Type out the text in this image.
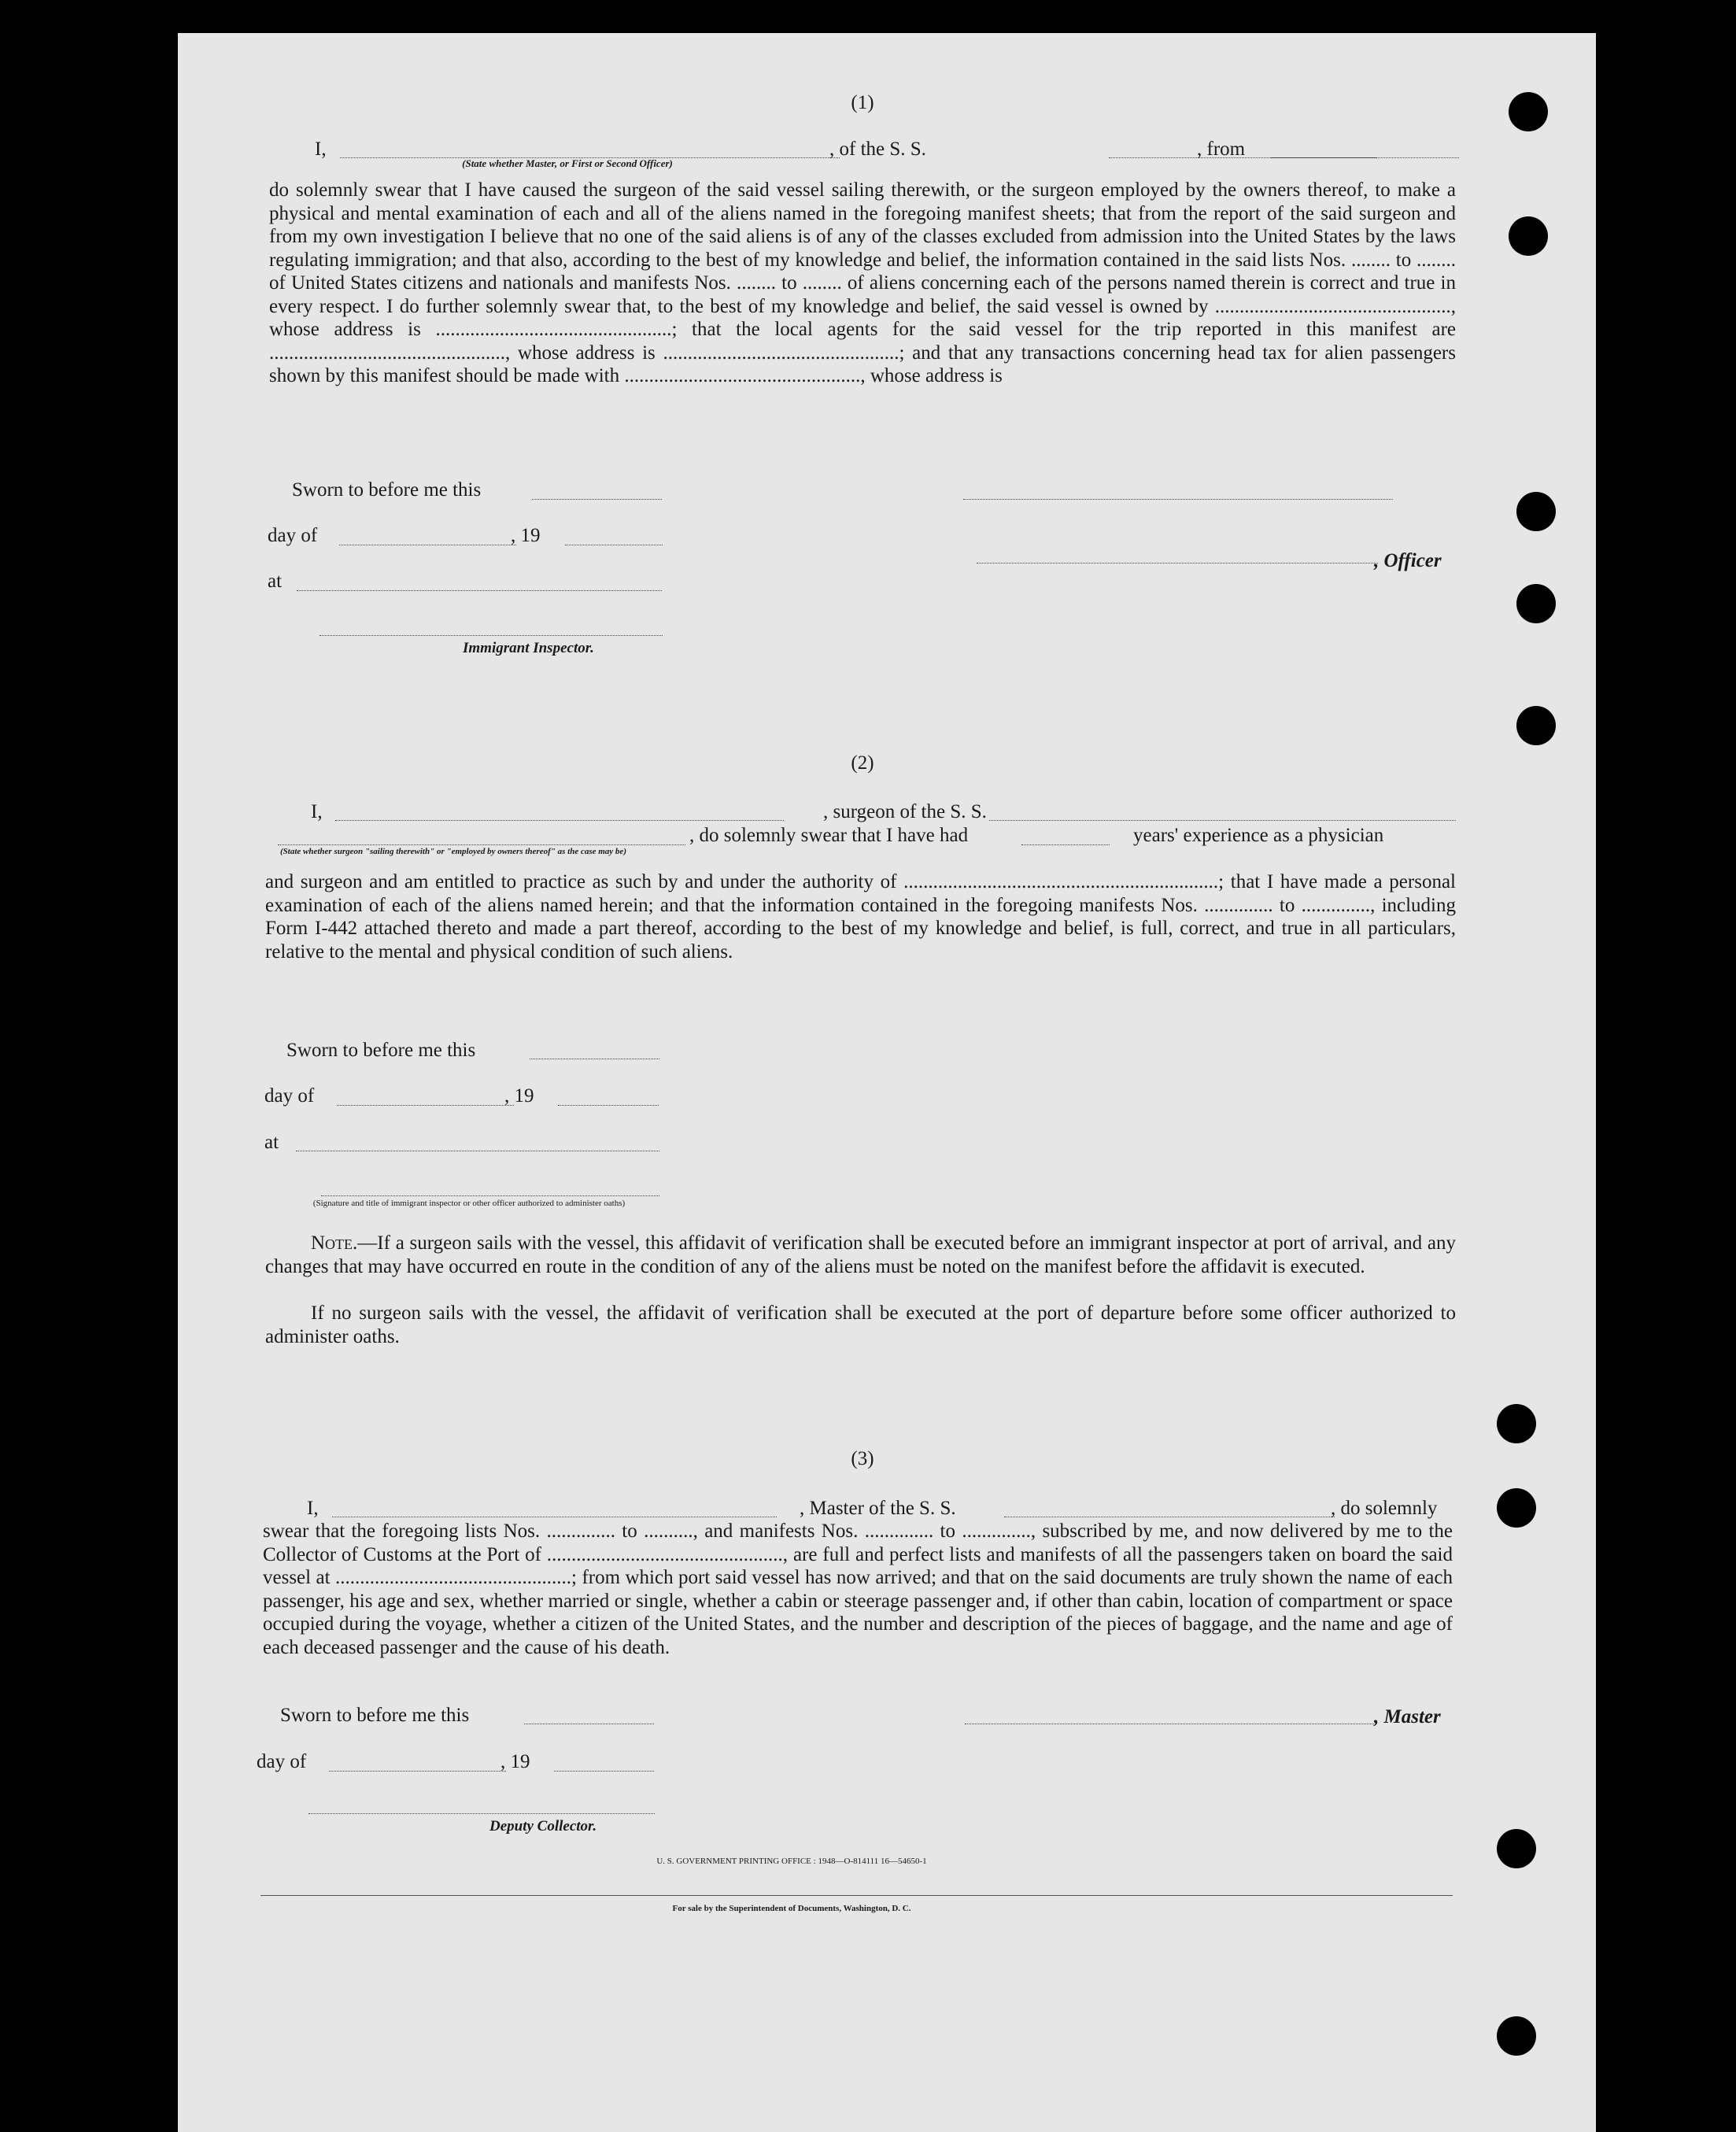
(1)
I,	, of the S. S.	, from
(State whether Master, or First or Second Officer)
do solemnly swear that I have caused the surgeon of the said vessel sailing therewith, or the surgeon employed by the owners thereof, to make a physical and mental examination of each and all of the aliens named in the foregoing manifest sheets; that from the report of the said surgeon and from my own investigation I believe that no one of the said aliens is of any of the classes excluded from admission into the United States by the laws regulating immigration; and that also, according to the best of my knowledge and belief, the information contained in the said lists Nos. ........ to ........ of United States citizens and nationals and manifests Nos. ........ to ........ of aliens concerning each of the persons named therein is correct and true in every respect. I do further solemnly swear that, to the best of my knowledge and belief, the said vessel is owned by ................................................, whose address is ................................................; that the local agents for the said vessel for the trip reported in this manifest are ................................................, whose address is ................................................; and that any transactions concerning head tax for alien passengers shown by this manifest should be made with ................................................, whose address is
Sworn to before me this
day of	, 19
, Officer
at
Immigrant Inspector.
(2)
I,	, surgeon of the S. S.
, do solemnly swear that I have had	years' experience as a physician
(State whether surgeon "sailing therewith" or "employed by owners thereof" as the case may be)
and surgeon and am entitled to practice as such by and under the authority of ................................................................; that I have made a personal examination of each of the aliens named herein; and that the information contained in the foregoing manifests Nos. .............. to .............., including Form I-442 attached thereto and made a part thereof, according to the best of my knowledge and belief, is full, correct, and true in all particulars, relative to the mental and physical condition of such aliens.
Sworn to before me this
day of	, 19
at
(Signature and title of immigrant inspector or other officer authorized to administer oaths)
Note.—If a surgeon sails with the vessel, this affidavit of verification shall be executed before an immigrant inspector at port of arrival, and any changes that may have occurred en route in the condition of any of the aliens must be noted on the manifest before the affidavit is executed.
If no surgeon sails with the vessel, the affidavit of verification shall be executed at the port of departure before some officer authorized to administer oaths.
(3)
I,	, Master of the S. S.	, do solemnly
swear that the foregoing lists Nos. .............. to .........., and manifests Nos. .............. to .............., subscribed by me, and now delivered by me to the Collector of Customs at the Port of ................................................, are full and perfect lists and manifests of all the passengers taken on board the said vessel at ................................................; from which port said vessel has now arrived; and that on the said documents are truly shown the name of each passenger, his age and sex, whether married or single, whether a cabin or steerage passenger and, if other than cabin, location of compartment or space occupied during the voyage, whether a citizen of the United States, and the number and description of the pieces of baggage, and the name and age of each deceased passenger and the cause of his death.
Sworn to before me this	, Master
day of	, 19
Deputy Collector.
U. S. GOVERNMENT PRINTING OFFICE : 1948—O-814111 16—54650-1
For sale by the Superintendent of Documents, Washington, D. C.
